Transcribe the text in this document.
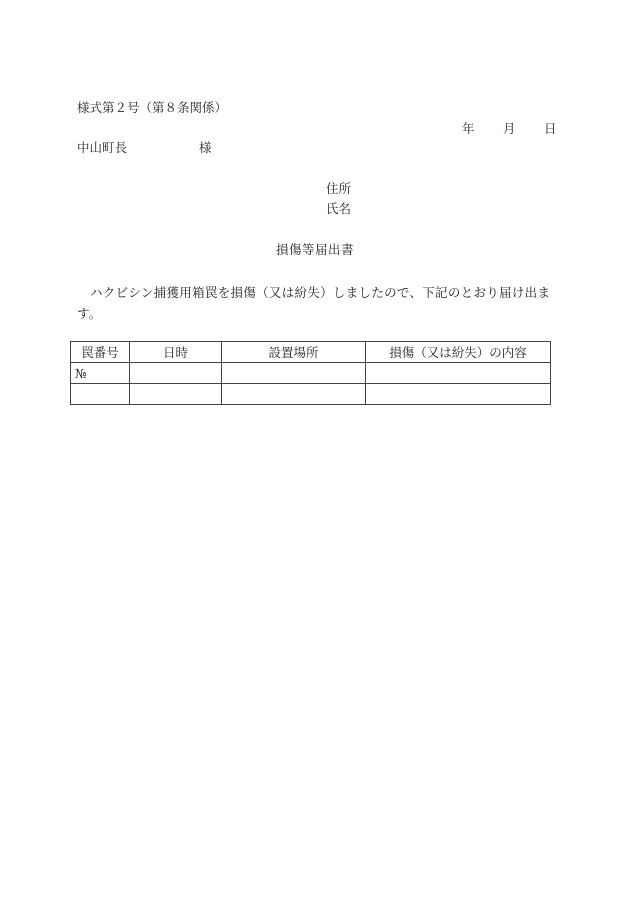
様式第２号（第８条関係）
年 月 日
中山町長	様
住所
氏名
損傷等届出書
ハクビシン捕獲用箱罠を損傷（又は紛失）しましたので、下記のとおり届け出ます。
罠番号	日時	設置場所	損傷（又は紛失）の内容
№			
